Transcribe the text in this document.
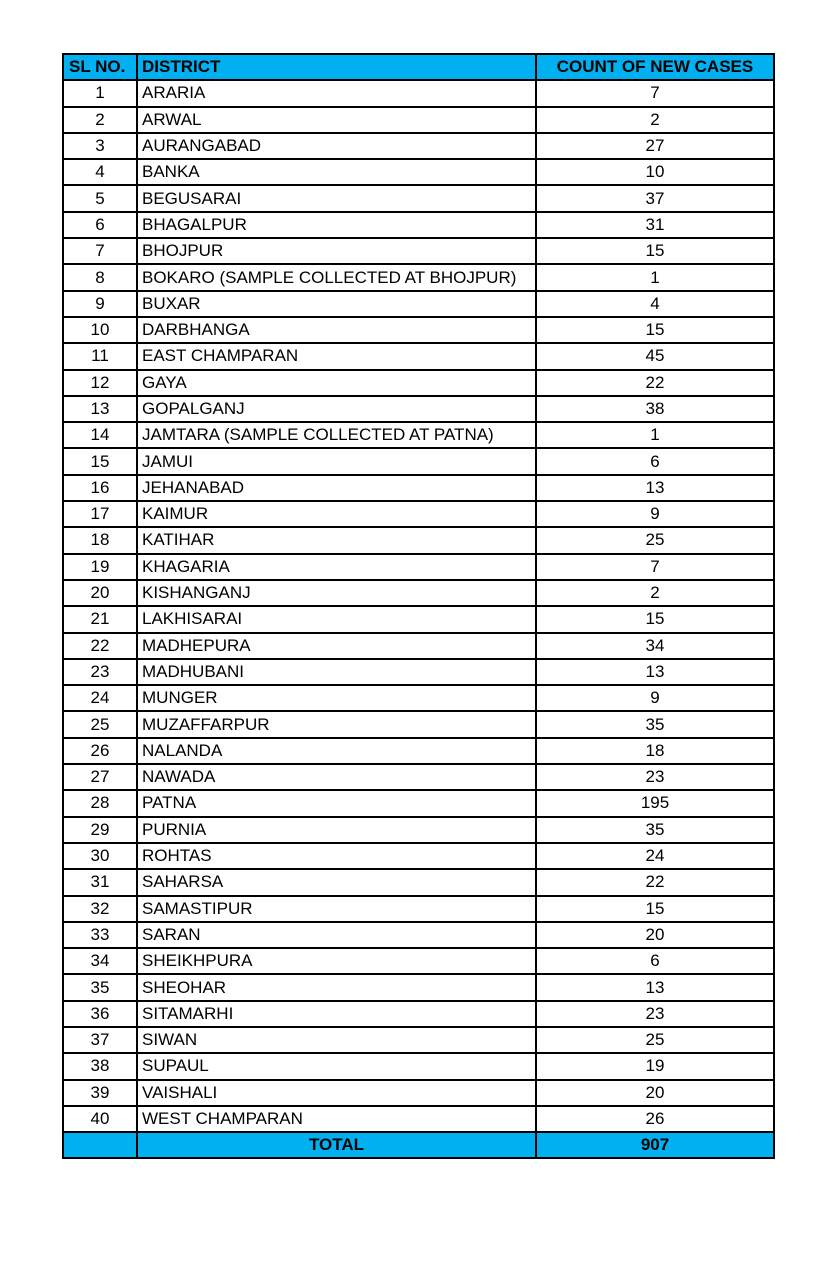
SL NO.	DISTRICT	COUNT OF NEW CASES
1	ARARIA	7
2	ARWAL	2
3	AURANGABAD	27
4	BANKA	10
5	BEGUSARAI	37
6	BHAGALPUR	31
7	BHOJPUR	15
8	BOKARO (SAMPLE COLLECTED AT BHOJPUR)	1
9	BUXAR	4
10	DARBHANGA	15
11	EAST CHAMPARAN	45
12	GAYA	22
13	GOPALGANJ	38
14	JAMTARA (SAMPLE COLLECTED AT PATNA)	1
15	JAMUI	6
16	JEHANABAD	13
17	KAIMUR	9
18	KATIHAR	25
19	KHAGARIA	7
20	KISHANGANJ	2
21	LAKHISARAI	15
22	MADHEPURA	34
23	MADHUBANI	13
24	MUNGER	9
25	MUZAFFARPUR	35
26	NALANDA	18
27	NAWADA	23
28	PATNA	195
29	PURNIA	35
30	ROHTAS	24
31	SAHARSA	22
32	SAMASTIPUR	15
33	SARAN	20
34	SHEIKHPURA	6
35	SHEOHAR	13
36	SITAMARHI	23
37	SIWAN	25
38	SUPAUL	19
39	VAISHALI	20
40	WEST CHAMPARAN	26
	TOTAL	907
